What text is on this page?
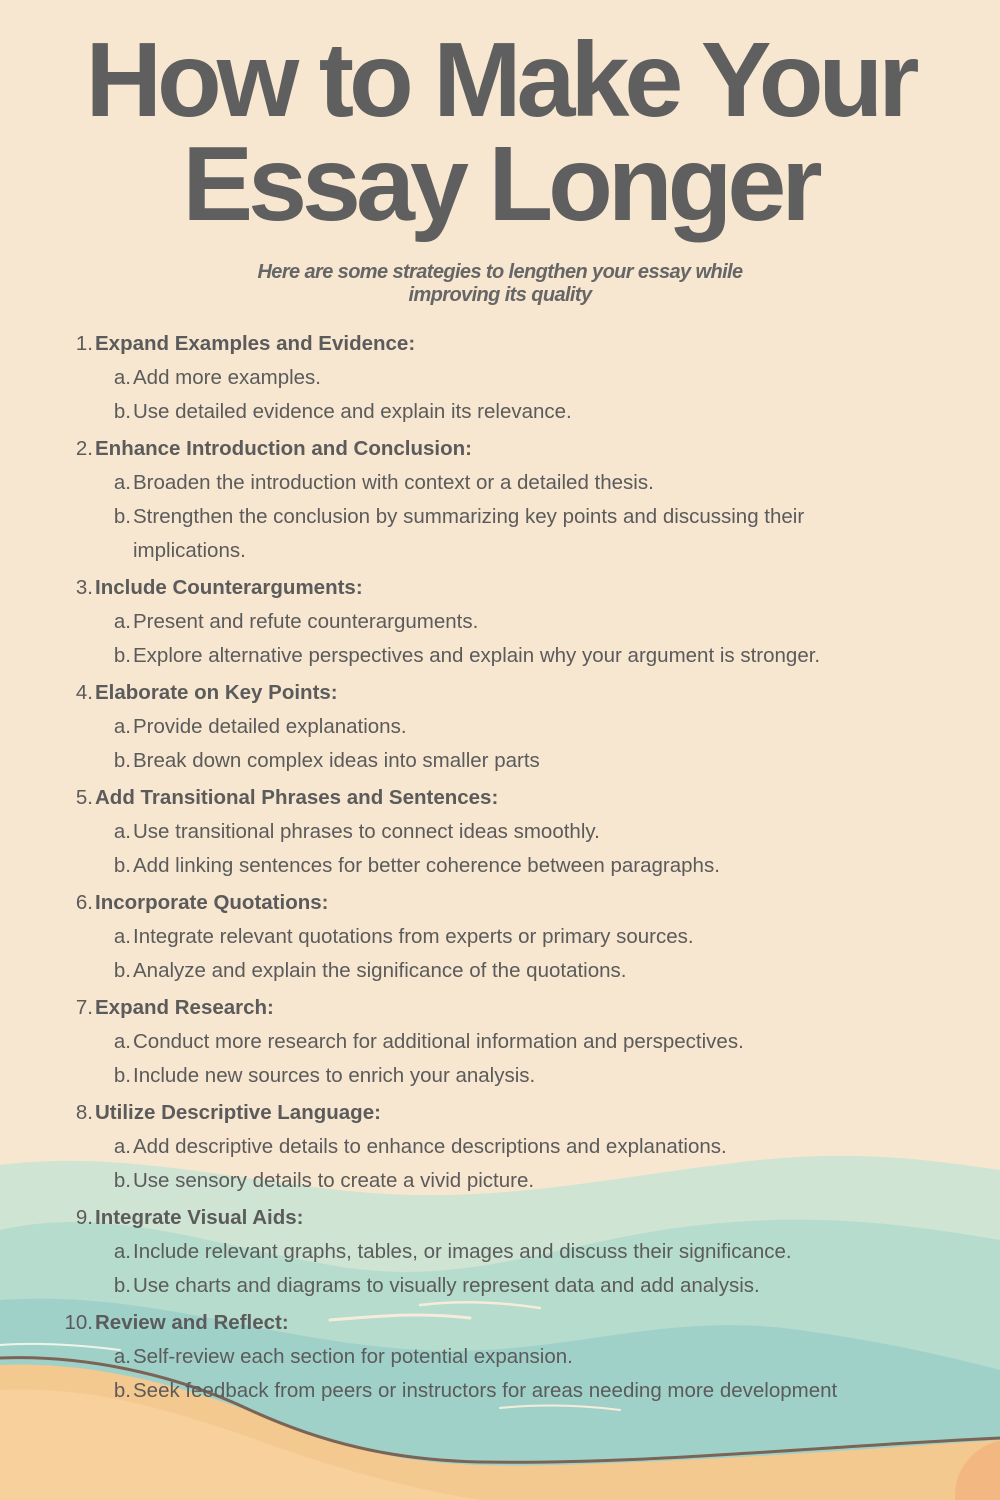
How to Make Your
Essay Longer
Here are some strategies to lengthen your essay while
improving its quality
1. Expand Examples and Evidence:
a. Add more examples.
b. Use detailed evidence and explain its relevance.
2. Enhance Introduction and Conclusion:
a. Broaden the introduction with context or a detailed thesis.
b. Strengthen the conclusion by summarizing key points and discussing their implications.
3. Include Counterarguments:
a. Present and refute counterarguments.
b. Explore alternative perspectives and explain why your argument is stronger.
4. Elaborate on Key Points:
a. Provide detailed explanations.
b. Break down complex ideas into smaller parts
5. Add Transitional Phrases and Sentences:
a. Use transitional phrases to connect ideas smoothly.
b. Add linking sentences for better coherence between paragraphs.
6. Incorporate Quotations:
a. Integrate relevant quotations from experts or primary sources.
b. Analyze and explain the significance of the quotations.
7. Expand Research:
a. Conduct more research for additional information and perspectives.
b. Include new sources to enrich your analysis.
8. Utilize Descriptive Language:
a. Add descriptive details to enhance descriptions and explanations.
b. Use sensory details to create a vivid picture.
9. Integrate Visual Aids:
a. Include relevant graphs, tables, or images and discuss their significance.
b. Use charts and diagrams to visually represent data and add analysis.
10. Review and Reflect:
a. Self-review each section for potential expansion.
b. Seek feedback from peers or instructors for areas needing more development
